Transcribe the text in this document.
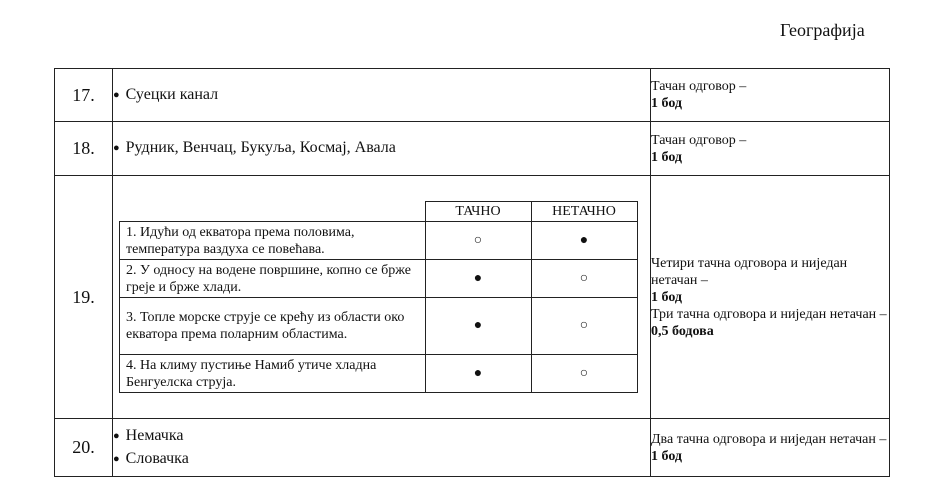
Географија
17.	
●Суецки канал	Тачан одговор –
1 бод

18.	
●Рудник, Венчац, Букуља, Космај, Авала	Тачан одговор –
1 бод

19.	
	ТАЧНО	НЕТАЧНО
1. Идући од екватора према половима, температура ваздуха се повећава.	○	●
2. У односу на водене површине, копно се брже греје и брже хлади.	●	○
3. Топле морске струје се крећу из области око екватора према поларним областима.	●	○
4. На климу пустиње Намиб утиче хладна Бенгуелска струја.	●	○

Четири тачна одговора и ниједан нетачан –
1 бод
Три тачна одговора и ниједан нетачан –
0,5 бодова

20.	
● Немачка
● Словачка

Два тачна одговора и ниједан нетачан –
1 бод
